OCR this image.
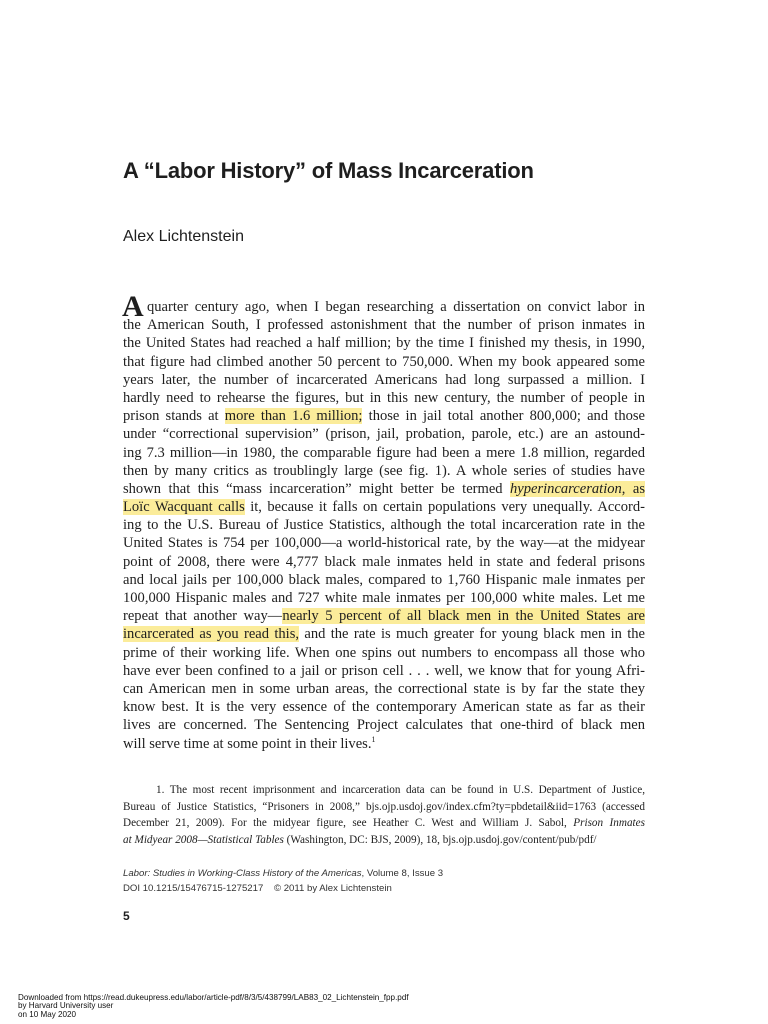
A “Labor History” of Mass Incarceration

Alex Lichtenstein

A quarter century ago, when I began researching a dissertation on convict labor in
the American South, I professed astonishment that the number of prison inmates in
the United States had reached a half million; by the time I finished my thesis, in 1990,
that figure had climbed another 50 percent to 750,000. When my book appeared some
years later, the number of incarcerated Americans had long surpassed a million. I
hardly need to rehearse the figures, but in this new century, the number of people in
prison stands at more than 1.6 million; those in jail total another 800,000; and those
under “correctional supervision” (prison, jail, probation, parole, etc.) are an astound-
ing 7.3 million—in 1980, the comparable figure had been a mere 1.8 million, regarded
then by many critics as troublingly large (see fig. 1). A whole series of studies have
shown that this “mass incarceration” might better be termed hyperincarceration, as
Loïc Wacquant calls it, because it falls on certain populations very unequally. Accord-
ing to the U.S. Bureau of Justice Statistics, although the total incarceration rate in the
United States is 754 per 100,000—a world-historical rate, by the way—at the midyear
point of 2008, there were 4,777 black male inmates held in state and federal prisons
and local jails per 100,000 black males, compared to 1,760 Hispanic male inmates per
100,000 Hispanic males and 727 white male inmates per 100,000 white males. Let me
repeat that another way—nearly 5 percent of all black men in the United States are
incarcerated as you read this, and the rate is much greater for young black men in the
prime of their working life. When one spins out numbers to encompass all those who
have ever been confined to a jail or prison cell . . . well, we know that for young Afri-
can American men in some urban areas, the correctional state is by far the state they
know best. It is the very essence of the contemporary American state as far as their
lives are concerned. The Sentencing Project calculates that one-third of black men
will serve time at some point in their lives.$^1$
1. The most recent imprisonment and incarceration data can be found in U.S. Department of Justice,
Bureau of Justice Statistics, “Prisoners in 2008,” bjs.ojp.usdoj.gov/index.cfm?ty=pbdetail&iid=1763 (accessed
December 21, 2009). For the midyear figure, see Heather C. West and William J. Sabol, Prison Inmates
at Midyear 2008—Statistical Tables (Washington, DC: BJS, 2009), 18, bjs.ojp.usdoj.gov/content/pub/pdf/
Labor: Studies in Working-Class History of the Americas, Volume 8, Issue 3
DOI 10.1215/15476715-1275217    © 2011 by Alex Lichtenstein
5
Downloaded from https://read.dukeupress.edu/labor/article-pdf/8/3/5/438799/LAB83_02_Lichtenstein_fpp.pdf
by Harvard University user
on 10 May 2020
